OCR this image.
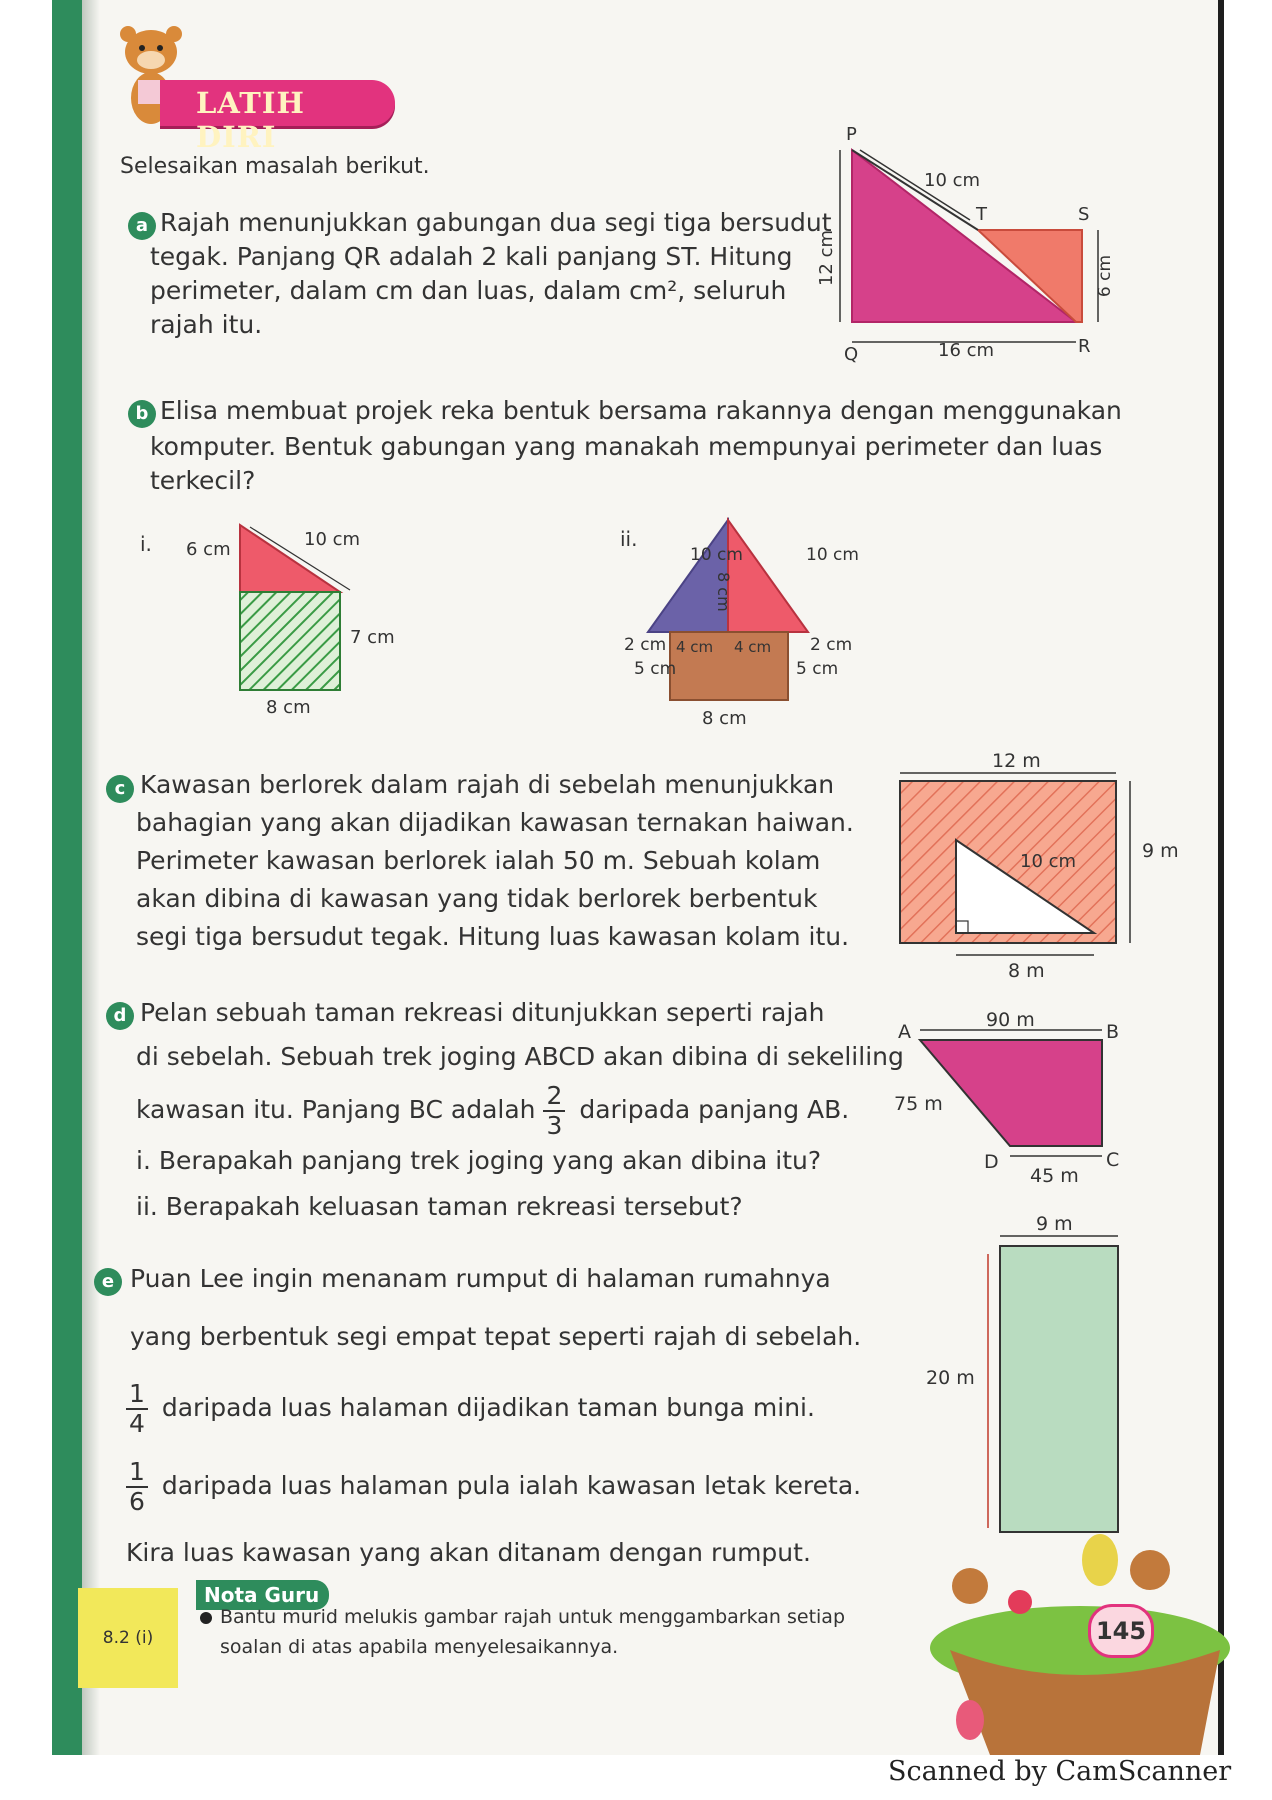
LATIH DIRI
Selesaikan masalah berikut.
a Rajah menunjukkan gabungan dua segi tiga bersudut
tegak. Panjang QR adalah 2 kali panjang ST. Hitung
perimeter, dalam cm dan luas, dalam cm², seluruh
rajah itu.
P
Q	R
S
T
10 cm
12 cm
16 cm
6 cm
b Elisa membuat projek reka bentuk bersama rakannya dengan menggunakan
komputer. Bentuk gabungan yang manakah mempunyai perimeter dan luas
terkecil?
i. 6 cm	10 cm
7 cm
8 cm
ii.
10 cm
8 cm
10 cm
2 cm
5 cm
4 cm 4 cm 2 cm
5 cm
8 cm
c Kawasan berlorek dalam rajah di sebelah menunjukkan
bahagian yang akan dijadikan kawasan ternakan haiwan.
Perimeter kawasan berlorek ialah 50 m. Sebuah kolam
akan dibina di kawasan yang tidak berlorek berbentuk
segi tiga bersudut tegak. Hitung luas kawasan kolam itu.
12 m
9 m
10 cm
8 m
d Pelan sebuah taman rekreasi ditunjukkan seperti rajah
di sebelah. Sebuah trek joging ABCD akan dibina di sekeliling
kawasan itu. Panjang BC adalah $\frac{2}{3}$ daripada panjang AB.
i. Berapakah panjang trek joging yang akan dibina itu?
ii. Berapakah keluasan taman rekreasi tersebut?
A	B
C
D
90 m
75 m
45 m
e Puan Lee ingin menanam rumput di halaman rumahnya
yang berbentuk segi empat tepat seperti rajah di sebelah.
$\frac{1}{4}$ daripada luas halaman dijadikan taman bunga mini.
$\frac{1}{6}$ daripada luas halaman pula ialah kawasan letak kereta.
Kira luas kawasan yang akan ditanam dengan rumput.
9 m
20 m
8.2 (i)
Nota Guru
Bantu murid melukis gambar rajah untuk menggambarkan setiap
soalan di atas apabila menyelesaikannya.
145
Scanned by CamScanner
